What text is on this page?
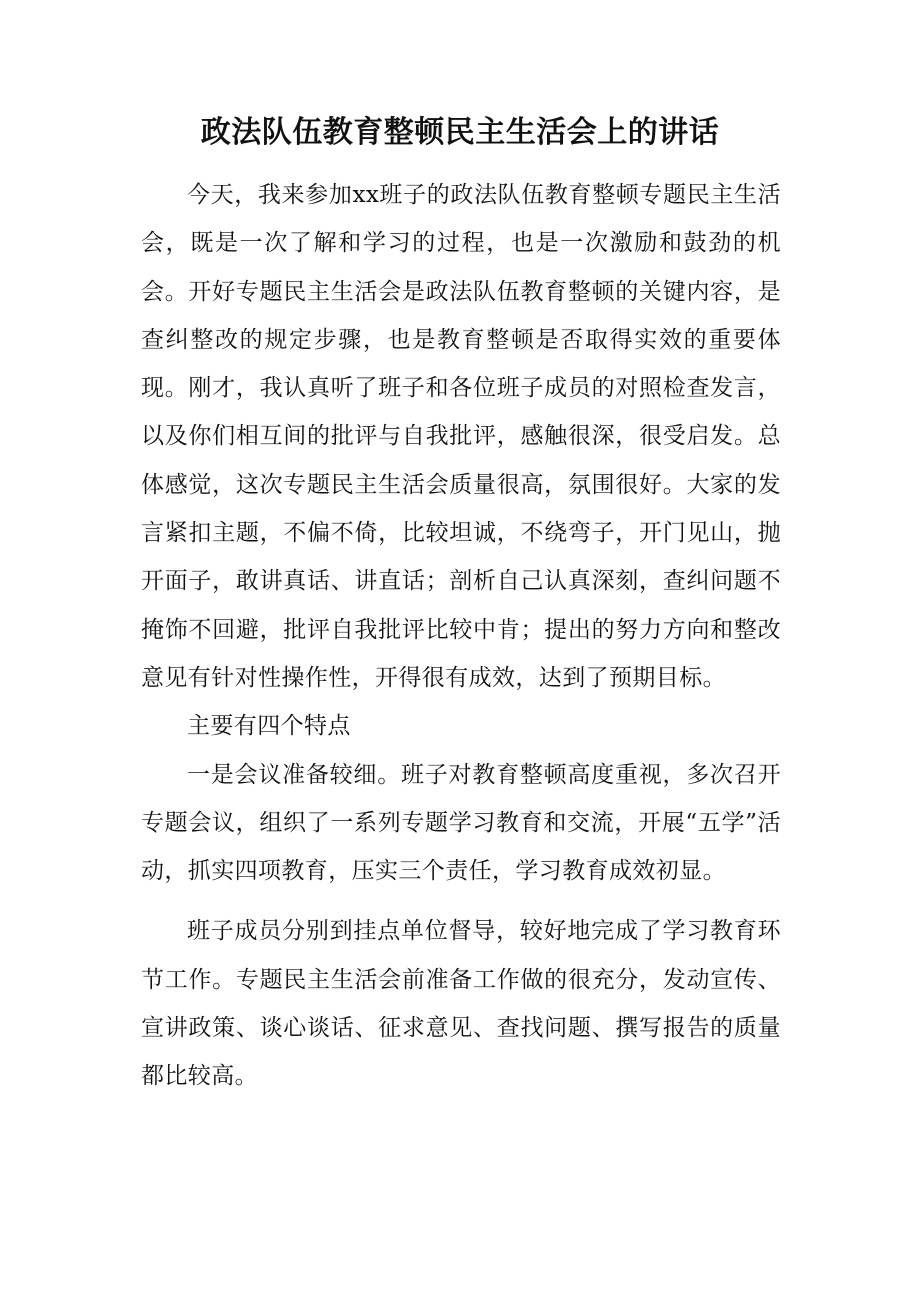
政法队伍教育整顿民主生活会上的讲话

今天，我来参加xx班子的政法队伍教育整顿专题民主生活会，既是一次了解和学习的过程，也是一次激励和鼓劲的机会。开好专题民主生活会是政法队伍教育整顿的关键内容，是查纠整改的规定步骤，也是教育整顿是否取得实效的重要体现。刚才，我认真听了班子和各位班子成员的对照检查发言，以及你们相互间的批评与自我批评，感触很深，很受启发。总体感觉，这次专题民主生活会质量很高，氛围很好。大家的发言紧扣主题，不偏不倚，比较坦诚，不绕弯子，开门见山，抛开面子，敢讲真话、讲直话；剖析自己认真深刻，查纠问题不掩饰不回避，批评自我批评比较中肯；提出的努力方向和整改意见有针对性操作性，开得很有成效，达到了预期目标。

主要有四个特点

一是会议准备较细。班子对教育整顿高度重视，多次召开专题会议，组织了一系列专题学习教育和交流，开展“五学”活动，抓实四项教育，压实三个责任，学习教育成效初显。

班子成员分别到挂点单位督导，较好地完成了学习教育环节工作。专题民主生活会前准备工作做的很充分，发动宣传、宣讲政策、谈心谈话、征求意见、查找问题、撰写报告的质量都比较高。
